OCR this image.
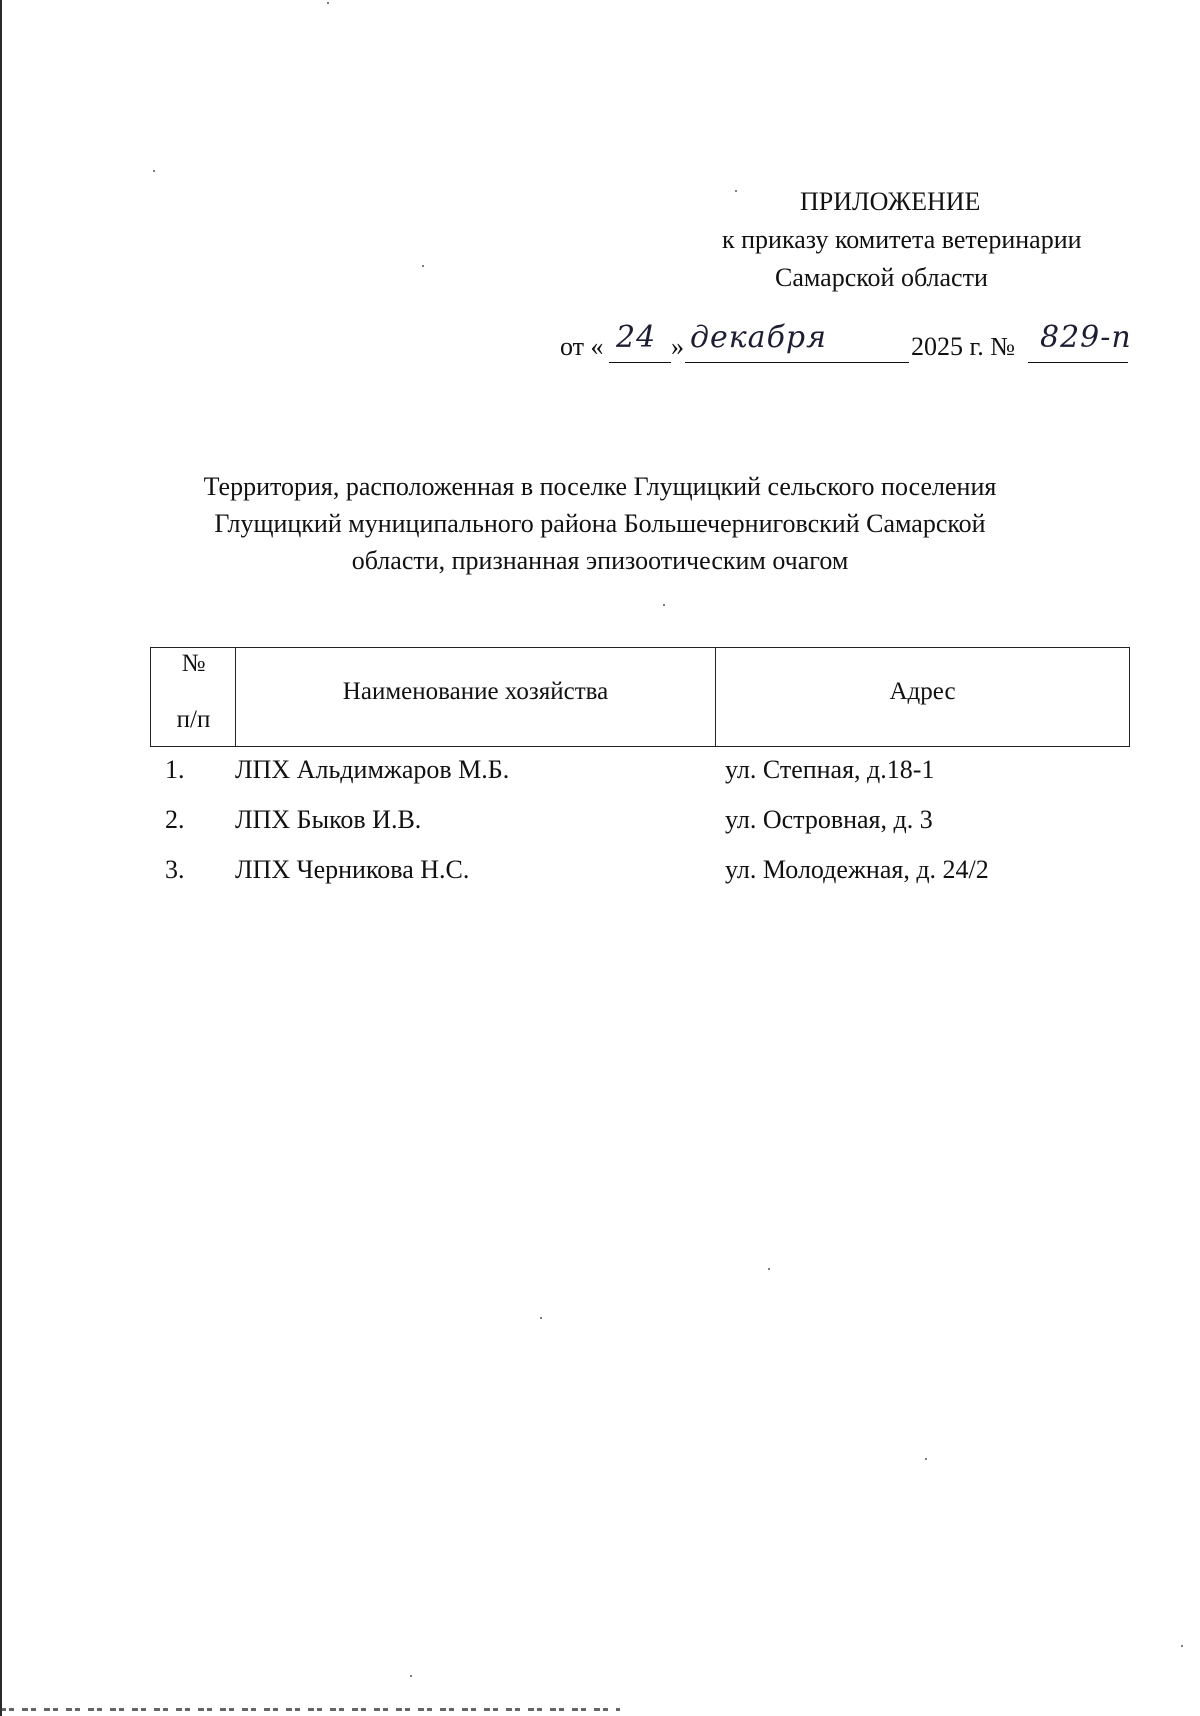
ПРИЛОЖЕНИЕ
к приказу комитета ветеринарии
Самарской области
от « 24 » декабря	2025 г. № 829-п
Территория, расположенная в поселке Глущицкий сельского поселения
Глущицкий муниципального района Большечерниговский Самарской
области, признанная эпизоотическим очагом
№
п/п
Наименование хозяйства	Адрес
1. ЛПХ Альдимжаров М.Б.	ул. Степная, д.18-1
2. ЛПХ Быков И.В.	ул. Островная, д. 3
3. ЛПХ Черникова Н.С.	ул. Молодежная, д. 24/2
